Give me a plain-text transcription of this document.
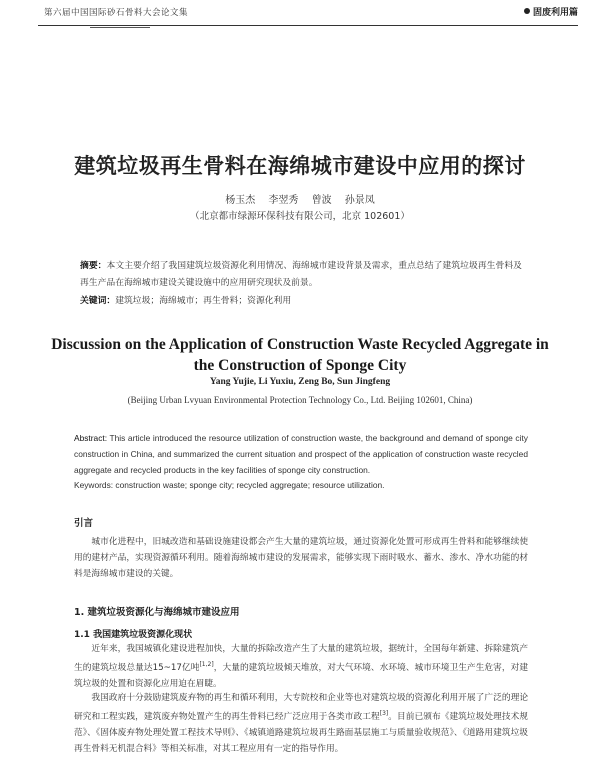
第六届中国国际砂石骨料大会论文集	固废利用篇
建筑垃圾再生骨料在海绵城市建设中应用的探讨
杨玉杰 李翌秀 曾波 孙景凤
（北京都市绿源环保科技有限公司，北京 102601）
摘要：本文主要介绍了我国建筑垃圾资源化利用情况、海绵城市建设背景及需求，重点总结了建筑垃圾再生骨料及再生产品在海绵城市建设关键设施中的应用研究现状及前景。
关键词：建筑垃圾；海绵城市；再生骨料；资源化利用
Discussion on the Application of Construction Waste Recycled Aggregate in the Construction of Sponge City
Yang Yujie, Li Yuxiu, Zeng Bo, Sun Jingfeng
(Beijing Urban Lvyuan Environmental Protection Technology Co., Ltd. Beijing 102601, China)
Abstract: This article introduced the resource utilization of construction waste, the background and demand of sponge city construction in China, and summarized the current situation and prospect of the application of construction waste recycled aggregate and recycled products in the key facilities of sponge city construction.
Keywords: construction waste; sponge city; recycled aggregate; resource utilization.
引言
城市化进程中，旧城改造和基础设施建设都会产生大量的建筑垃圾，通过资源化处置可形成再生骨料和能够继续使用的建材产品，实现资源循环利用。随着海绵城市建设的发展需求，能够实现下雨时吸水、蓄水、渗水、净水功能的材料是海绵城市建设的关键。
1. 建筑垃圾资源化与海绵城市建设应用
1.1 我国建筑垃圾资源化现状
近年来，我国城镇化建设进程加快，大量的拆除改造产生了大量的建筑垃圾，据统计，全国每年新建、拆除建筑产生的建筑垃圾总量达15~17亿吨[1,2]，大量的建筑垃圾倾天堆放，对大气环境、水环境、城市环境卫生产生危害，对建筑垃圾的处置和资源化应用迫在眉睫。
我国政府十分鼓励建筑废弃物的再生和循环利用，大专院校和企业等也对建筑垃圾的资源化利用开展了广泛的理论研究和工程实践，建筑废弃物处置产生的再生骨料已经广泛应用于各类市政工程[3]。目前已颁布《建筑垃圾处理技术规范》、《固体废弃物处理处置工程技术导则》、《城镇道路建筑垃圾再生路面基层施工与质量验收规范》、《道路用建筑垃圾再生骨料无机混合料》等相关标准，对其工程应用有一定的指导作用。
